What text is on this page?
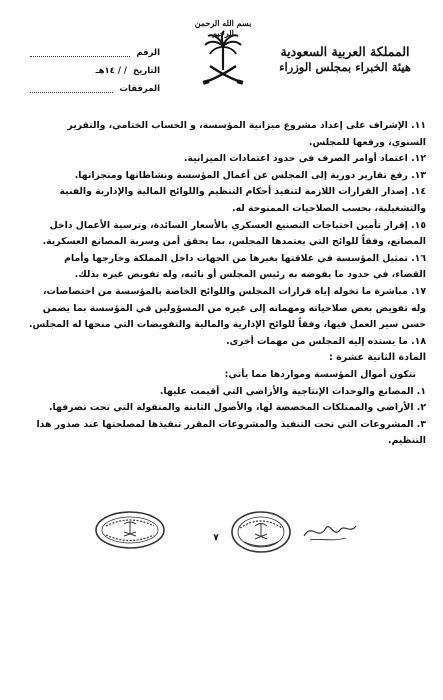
بسم الله الرحمن الرحيم
المملكة العربية السعودية
هيئة الخبراء بمجلس الوزراء
الرقم
التاريخ
/ / ١٤هـ
المرفقات

١١. الإشراف على إعداد مشروع ميزانية المؤسسة، و الحساب الختامي، والتقرير السنوي، ورفعها للمجلس.

١٢. اعتماد أوامر الصرف في حدود اعتمادات الميزانية.

١٣. رفع تقارير دورية إلى المجلس عن أعمال المؤسسة ونشاطاتها ومنجزاتها.

١٤. إصدار القرارات اللازمة لتنفيذ أحكام التنظيم واللوائح المالية والإدارية والفنية والتشغيلية، بحسب الصلاحيات الممنوحة له.

١٥. إقرار تأمين احتياجات التصنيع العسكري بالأسعار السائدة، وترسية الأعمال داخل المصانع، وفقاً للوائح التي يعتمدها المجلس، بما يحقق أمن وسرية المصانع العسكرية.

١٦. تمثيل المؤسسة في علاقتها بغيرها من الجهات داخل المملكة وخارجها وأمام القضاء، في حدود ما يفوضه به رئيس المجلس أو نائبه، وله تفويض غيره بذلك.

١٧. مباشرة ما تخوله إياه قرارات المجلس واللوائح الخاصة بالمؤسسة من اختصاصات، وله تفويض بعض صلاحياته ومهماته إلى غيره من المسؤولين في المؤسسة بما يضمن حسن سير العمل فيها، وفقاً للوائح الإدارية والمالية والتفويضات التي منحها له المجلس.

١٨. ما يسنده إليه المجلس من مهمات أخرى.

المادة الثانية عشرة :

تتكون أموال المؤسسة ومواردها مما يأتي:

١. المصانع والوحدات الإنتاجية والأراضي التي أقيمت عليها.

٢. الأراضي والممتلكات المخصصة لها، والأصول الثابتة والمنقولة التي تحت تصرفها.

٣. المشروعات التي تحت التنفيذ والمشروعات المقرر تنفيذها لمصلحتها عند صدور هذا التنظيم.

٧
